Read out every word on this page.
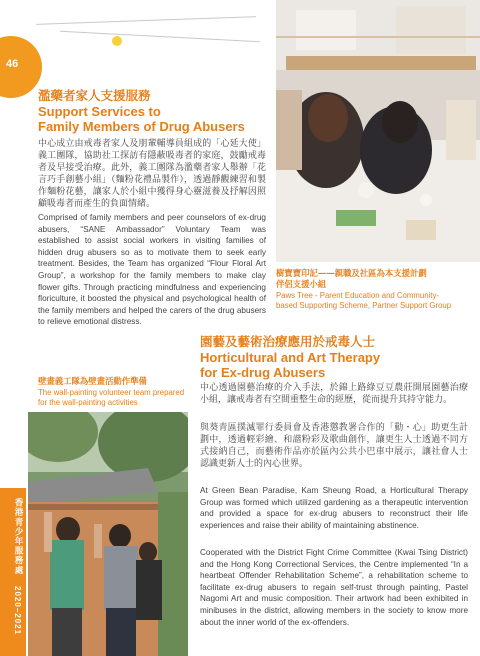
46
濫藥者家人支援服務
Support Services to
Family Members of Drug Abusers
中心成立由戒毒者家人及朋輩輔導員組成的「心延大使」義工團隊，協助社工探訪有隱蔽吸毒者的家庭，鼓勵戒毒者及早接受治療。此外，義工團隊為濫藥者家人舉辦「花言巧手創藝小組」（麵粉花禮品製作），透過靜觀練習和製作麵粉花藝，讓家人於小組中獲得身心靈滋養及抒解因照顧吸毒者而產生的負面情緒。
Comprised of family members and peer counselors of ex-drug abusers, “SANE Ambassador” Voluntary Team was established to assist social workers in visiting families of hidden drug abusers so as to motivate them to seek early treatment. Besides, the Team has organized “Flour Floral Art Group”, a workshop for the family members to make clay flower gifts. Through practicing mindfulness and experiencing floriculture, it boosted the physical and psychological health of the family members and helped the carers of the drug abusers to relieve emotional distress.
樹寶寶印記——親職及社區為本支援計劃
伴侶支援小組
Paws Tree - Parent Education and Community-based Supporting Scheme, Partner Support Group
園藝及藝術治療應用於戒毒人士
Horticultural and Art Therapy
for Ex-drug Abusers
中心透過園藝治療的介入手法，於錦上路綠豆豆農莊開展園藝治療小組，讓戒毒者有空間重整生命的經歷，從而提升其持守能力。
與葵青區撲滅罪行委員會及香港懲教署合作的「動・心」助更生計劃中，透過輕彩繪、和諧粉彩及歌曲創作，讓更生人士透過不同方式接納自己，而藝術作品亦於區內公共小巴車中展示，讓社會人士認識更新人士的內心世界。
At Green Bean Paradise, Kam Sheung Road, a Horticultural Therapy Group was formed which utilized gardening as a therapeutic intervention and provided a space for ex-drug abusers to reconstruct their life experiences and raise their ability of maintaining abstinence.
Cooperated with the District Fight Crime Committee (Kwai Tsing District) and the Hong Kong Correctional Services, the Centre implemented “In a heartbeat Offender Rehabilitation Scheme”, a rehabilitation scheme to facilitate ex-drug abusers to regain self-trust through painting, Pastel Nagomi Art and music composition. Their artwork had been exhibited in minibuses in the district, allowing members in the society to know more about the inner world of the ex-offenders.
壁畫義工隊為壁畫活動作準備
The wall-painting volunteer team prepared for the wall-painting activities
香港青少年服務處
2020–2021
